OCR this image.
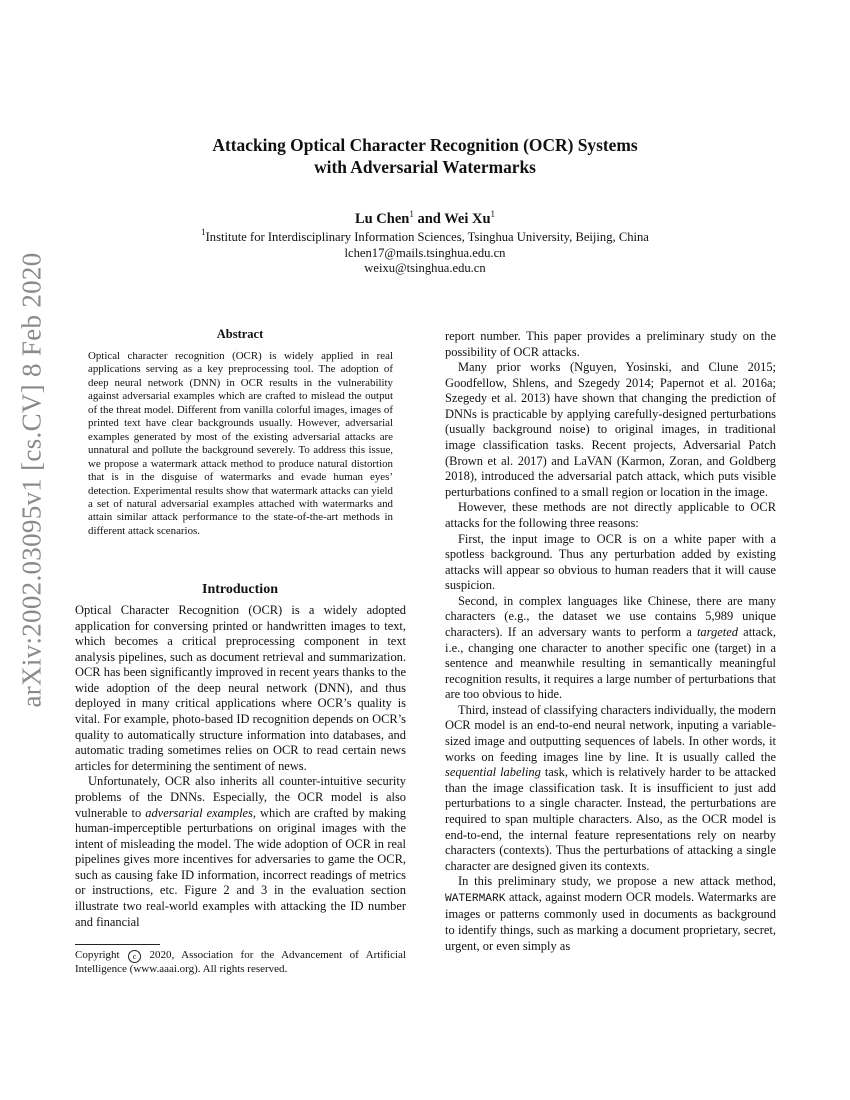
arXiv:2002.03095v1 [cs.CV] 8 Feb 2020
Attacking Optical Character Recognition (OCR) Systems
with Adversarial Watermarks
Lu Chen$^1$ and Wei Xu$^1$
$^1$Institute for Interdisciplinary Information Sciences, Tsinghua University, Beijing, China
lchen17@mails.tsinghua.edu.cn
weixu@tsinghua.edu.cn
Abstract
Optical character recognition (OCR) is widely applied in real applications serving as a key preprocessing tool. The adoption of deep neural network (DNN) in OCR results in the vulnerability against adversarial examples which are crafted to mislead the output of the threat model. Different from vanilla colorful images, images of printed text have clear backgrounds usually. However, adversarial examples generated by most of the existing adversarial attacks are unnatural and pollute the background severely. To address this issue, we propose a watermark attack method to produce natural distortion that is in the disguise of watermarks and evade human eyes’ detection. Experimental results show that watermark attacks can yield a set of natural adversarial examples attached with watermarks and attain similar attack performance to the state-of-the-art methods in different attack scenarios.
Introduction

Optical Character Recognition (OCR) is a widely adopted application for conversing printed or handwritten images to text, which becomes a critical preprocessing component in text analysis pipelines, such as document retrieval and summarization. OCR has been significantly improved in recent years thanks to the wide adoption of the deep neural network (DNN), and thus deployed in many critical applications where OCR’s quality is vital. For example, photo-based ID recognition depends on OCR’s quality to automatically structure information into databases, and automatic trading sometimes relies on OCR to read certain news articles for determining the sentiment of news.

Unfortunately, OCR also inherits all counter-intuitive security problems of the DNNs. Especially, the OCR model is also vulnerable to adversarial examples, which are crafted by making human-imperceptible perturbations on original images with the intent of misleading the model. The wide adoption of OCR in real pipelines gives more incentives for adversaries to game the OCR, such as causing fake ID information, incorrect readings of metrics or instructions, etc. Figure 2 and 3 in the evaluation section illustrate two real-world examples with attacking the ID number and financial

report number. This paper provides a preliminary study on the possibility of OCR attacks.

Many prior works (Nguyen, Yosinski, and Clune 2015; Goodfellow, Shlens, and Szegedy 2014; Papernot et al. 2016a; Szegedy et al. 2013) have shown that changing the prediction of DNNs is practicable by applying carefully-designed perturbations (usually background noise) to original images, in traditional image classification tasks. Recent projects, Adversarial Patch (Brown et al. 2017) and LaVAN (Karmon, Zoran, and Goldberg 2018), introduced the adversarial patch attack, which puts visible perturbations confined to a small region or location in the image.

However, these methods are not directly applicable to OCR attacks for the following three reasons:

First, the input image to OCR is on a white paper with a spotless background. Thus any perturbation added by existing attacks will appear so obvious to human readers that it will cause suspicion.

Second, in complex languages like Chinese, there are many characters (e.g., the dataset we use contains 5,989 unique characters). If an adversary wants to perform a targeted attack, i.e., changing one character to another specific one (target) in a sentence and meanwhile resulting in semantically meaningful recognition results, it requires a large number of perturbations that are too obvious to hide.

Third, instead of classifying characters individually, the modern OCR model is an end-to-end neural network, inputing a variable-sized image and outputting sequences of labels. In other words, it works on feeding images line by line. It is usually called the sequential labeling task, which is relatively harder to be attacked than the image classification task. It is insufficient to just add perturbations to a single character. Instead, the perturbations are required to span multiple characters. Also, as the OCR model is end-to-end, the internal feature representations rely on nearby characters (contexts). Thus the perturbations of attacking a single character are designed given its contexts.

In this preliminary study, we propose a new attack method, WATERMARK attack, against modern OCR models. Watermarks are images or patterns commonly used in documents as background to identify things, such as marking a document proprietary, secret, urgent, or even simply as

Copyright c 2020, Association for the Advancement of Artificial Intelligence (www.aaai.org). All rights reserved.
